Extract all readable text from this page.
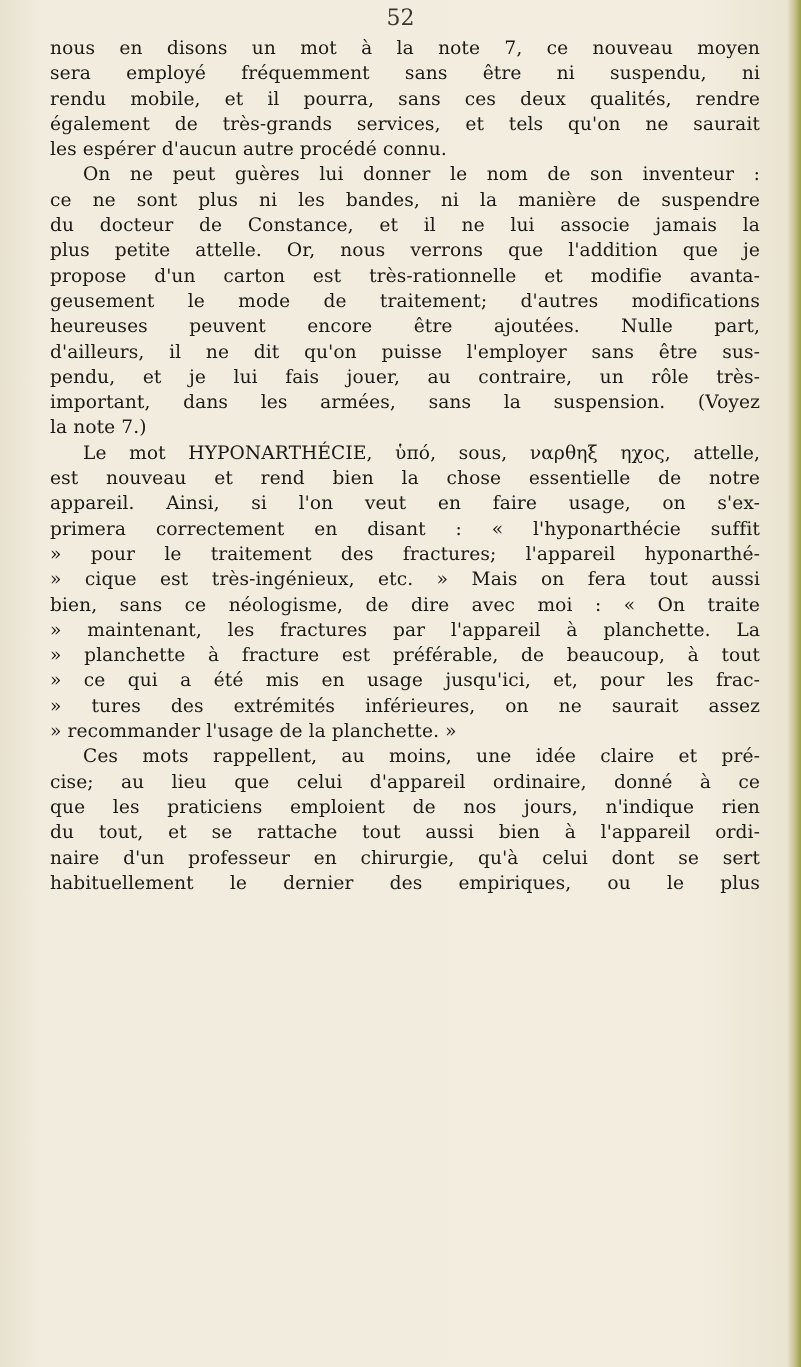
52
nous en disons un mot à la note 7, ce nouveau moyen
sera employé fréquemment sans être ni suspendu, ni
rendu mobile, et il pourra, sans ces deux qualités, rendre
également de très-grands services, et tels qu'on ne saurait
les espérer d'aucun autre procédé connu.
On ne peut guères lui donner le nom de son inventeur :
ce ne sont plus ni les bandes, ni la manière de suspendre
du docteur de Constance, et il ne lui associe jamais la
plus petite attelle. Or, nous verrons que l'addition que je
propose d'un carton est très-rationnelle et modifie avanta-
geusement le mode de traitement; d'autres modifications
heureuses peuvent encore être ajoutées. Nulle part,
d'ailleurs, il ne dit qu'on puisse l'employer sans être sus-
pendu, et je lui fais jouer, au contraire, un rôle très-
important, dans les armées, sans la suspension. (Voyez
la note 7.)
Le mot HYPONARTHÉCIE, ὑπό, sous, ναρθηξ ηχος, attelle,
est nouveau et rend bien la chose essentielle de notre
appareil. Ainsi, si l'on veut en faire usage, on s'ex-
primera correctement en disant : « l'hyponarthécie suffit
» pour le traitement des fractures; l'appareil hyponarthé-
» cique est très-ingénieux, etc. » Mais on fera tout aussi
bien, sans ce néologisme, de dire avec moi : « On traite
» maintenant, les fractures par l'appareil à planchette. La
» planchette à fracture est préférable, de beaucoup, à tout
» ce qui a été mis en usage jusqu'ici, et, pour les frac-
» tures des extrémités inférieures, on ne saurait assez
» recommander l'usage de la planchette. »
Ces mots rappellent, au moins, une idée claire et pré-
cise; au lieu que celui d'appareil ordinaire, donné à ce
que les praticiens emploient de nos jours, n'indique rien
du tout, et se rattache tout aussi bien à l'appareil ordi-
naire d'un professeur en chirurgie, qu'à celui dont se sert
habituellement le dernier des empiriques, ou le plus
